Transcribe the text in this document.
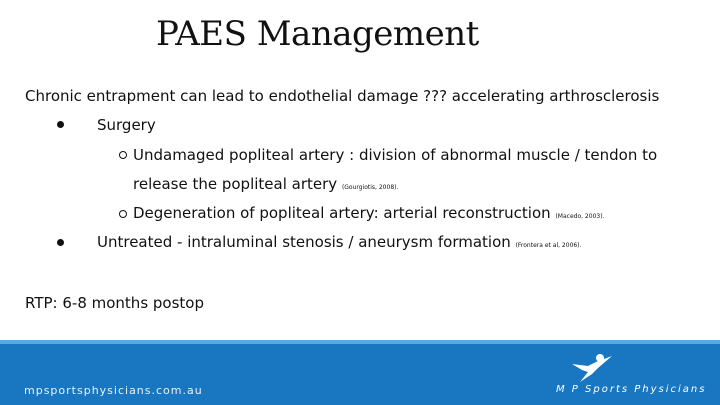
PAES Management
Chronic entrapment can lead to endothelial damage ??? accelerating arthrosclerosis
Surgery
Undamaged popliteal artery : division of abnormal muscle / tendon to
release the popliteal artery (Gourgiotis, 2008).
Degeneration of popliteal artery: arterial reconstruction (Macedo, 2003).
Untreated - intraluminal stenosis / aneurysm formation (Frontera et al, 2006).
RTP: 6-8 months postop
mpsportsphysicians.com.au	M P Sports Physicians
